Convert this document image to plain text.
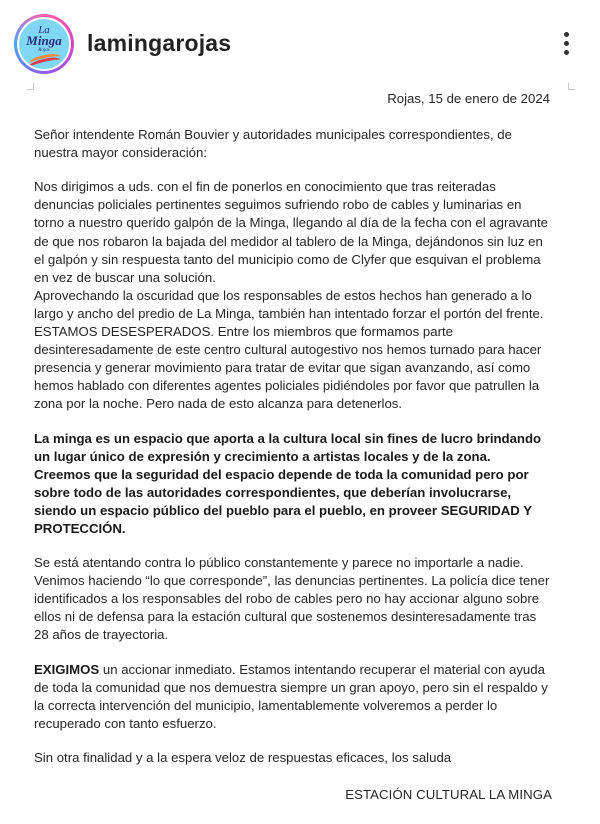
La
Minga
Rojas	lamingarojas
Rojas, 15 de enero de 2024
Señor intendente Román Bouvier y autoridades municipales correspondientes, de nuestra mayor consideración:
Nos dirigimos a uds. con el fin de ponerlos en conocimiento que tras reiteradas denuncias policiales pertinentes seguimos sufriendo robo de cables y luminarias en torno a nuestro querido galpón de la Minga, llegando al día de la fecha con el agravante de que nos robaron la bajada del medidor al tablero de la Minga, dejándonos sin luz en el galpón y sin respuesta tanto del municipio como de Clyfer que esquivan el problema en vez de buscar una solución.
Aprovechando la oscuridad que los responsables de estos hechos han generado a lo largo y ancho del predio de La Minga, también han intentado forzar el portón del frente.
ESTAMOS DESESPERADOS. Entre los miembros que formamos parte desinteresadamente de este centro cultural autogestivo nos hemos turnado para hacer presencia y generar movimiento para tratar de evitar que sigan avanzando, así como hemos hablado con diferentes agentes policiales pidiéndoles por favor que patrullen la zona por la noche. Pero nada de esto alcanza para detenerlos.
La minga es un espacio que aporta a la cultura local sin fines de lucro brindando un lugar único de expresión y crecimiento a artistas locales y de la zona.
Creemos que la seguridad del espacio depende de toda la comunidad pero por sobre todo de las autoridades correspondientes, que deberían involucrarse, siendo un espacio público del pueblo para el pueblo, en proveer SEGURIDAD Y PROTECCIÓN.
Se está atentando contra lo público constantemente y parece no importarle a nadie. Venimos haciendo “lo que corresponde”, las denuncias pertinentes. La policía dice tener identificados a los responsables del robo de cables pero no hay accionar alguno sobre ellos ni de defensa para la estación cultural que sostenemos desinteresadamente tras 28 años de trayectoria.
EXIGIMOS un accionar inmediato. Estamos intentando recuperar el material con ayuda de toda la comunidad que nos demuestra siempre un gran apoyo, pero sin el respaldo y la correcta intervención del municipio, lamentablemente volveremos a perder lo recuperado con tanto esfuerzo.
Sin otra finalidad y a la espera veloz de respuestas eficaces, los saluda
ESTACIÓN CULTURAL LA MINGA
